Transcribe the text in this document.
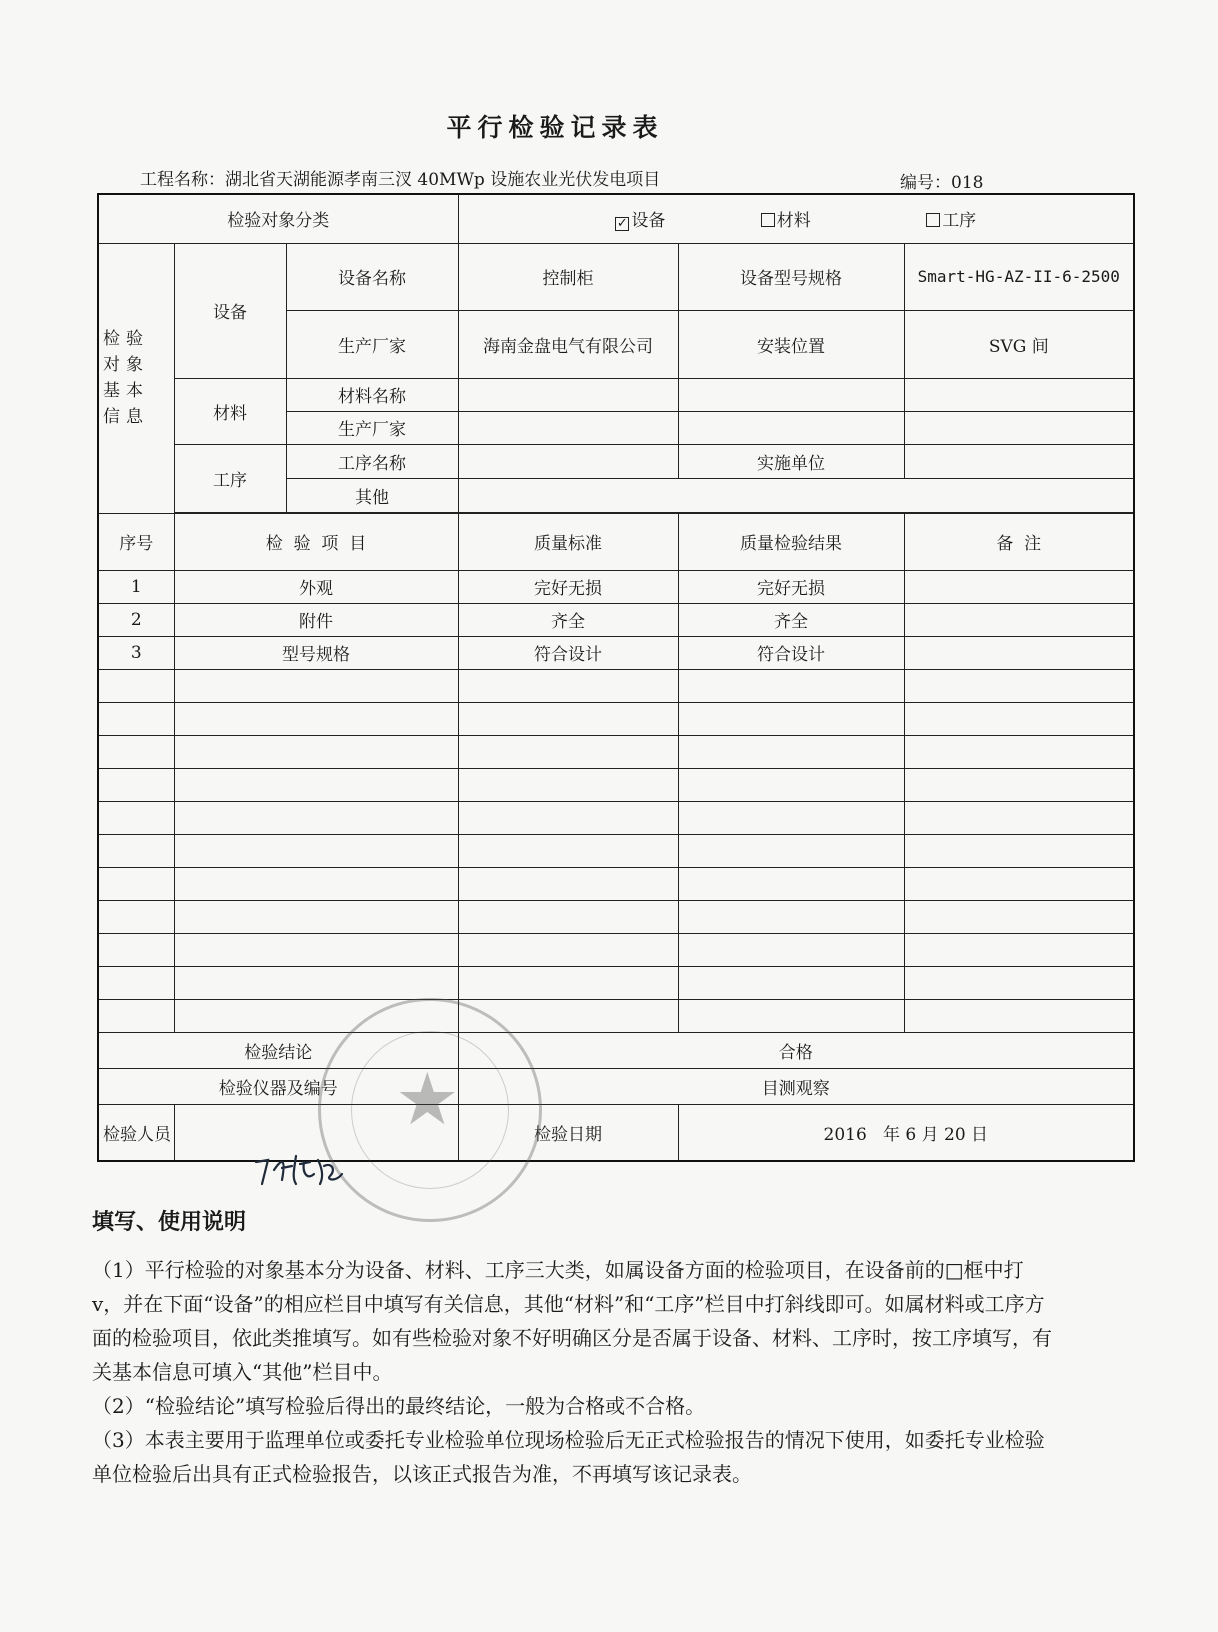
平行检验记录表
工程名称：湖北省天湖能源孝南三汊 40MWp 设施农业光伏发电项目	编号：018
检验对象分类			✓ 设备 材料 工序		
检验对象基本信息	设备	设备名称	控制柜	设备型号规格	Smart-HG-AZ-II-6-2500
		生产厂家	海南金盘电气有限公司	安装位置	SVG 间
	材料	材料名称			
		生产厂家			
	工序	工序名称		实施单位	
		其他			

序号	检  验  项  目		质量标准	质量检验结果	备  注
1	外观		完好无损	完好无损	
2	附件		齐全	齐全	
3	型号规格		符合设计	符合设计	

检验结论			合格		
检验仪器及编号			目测观察		
检验人员			检验日期	2016   年 6 月 20 日	
★
填写、使用说明

（1）平行检验的对象基本分为设备、材料、工序三大类，如属设备方面的检验项目，在设备前的□框中打v，并在下面“设备”的相应栏目中填写有关信息，其他“材料”和“工序”栏目中打斜线即可。如属材料或工序方面的检验项目，依此类推填写。如有些检验对象不好明确区分是否属于设备、材料、工序时，按工序填写，有关基本信息可填入“其他”栏目中。

（2）“检验结论”填写检验后得出的最终结论，一般为合格或不合格。

（3）本表主要用于监理单位或委托专业检验单位现场检验后无正式检验报告的情况下使用，如委托专业检验单位检验后出具有正式检验报告，以该正式报告为准，不再填写该记录表。
